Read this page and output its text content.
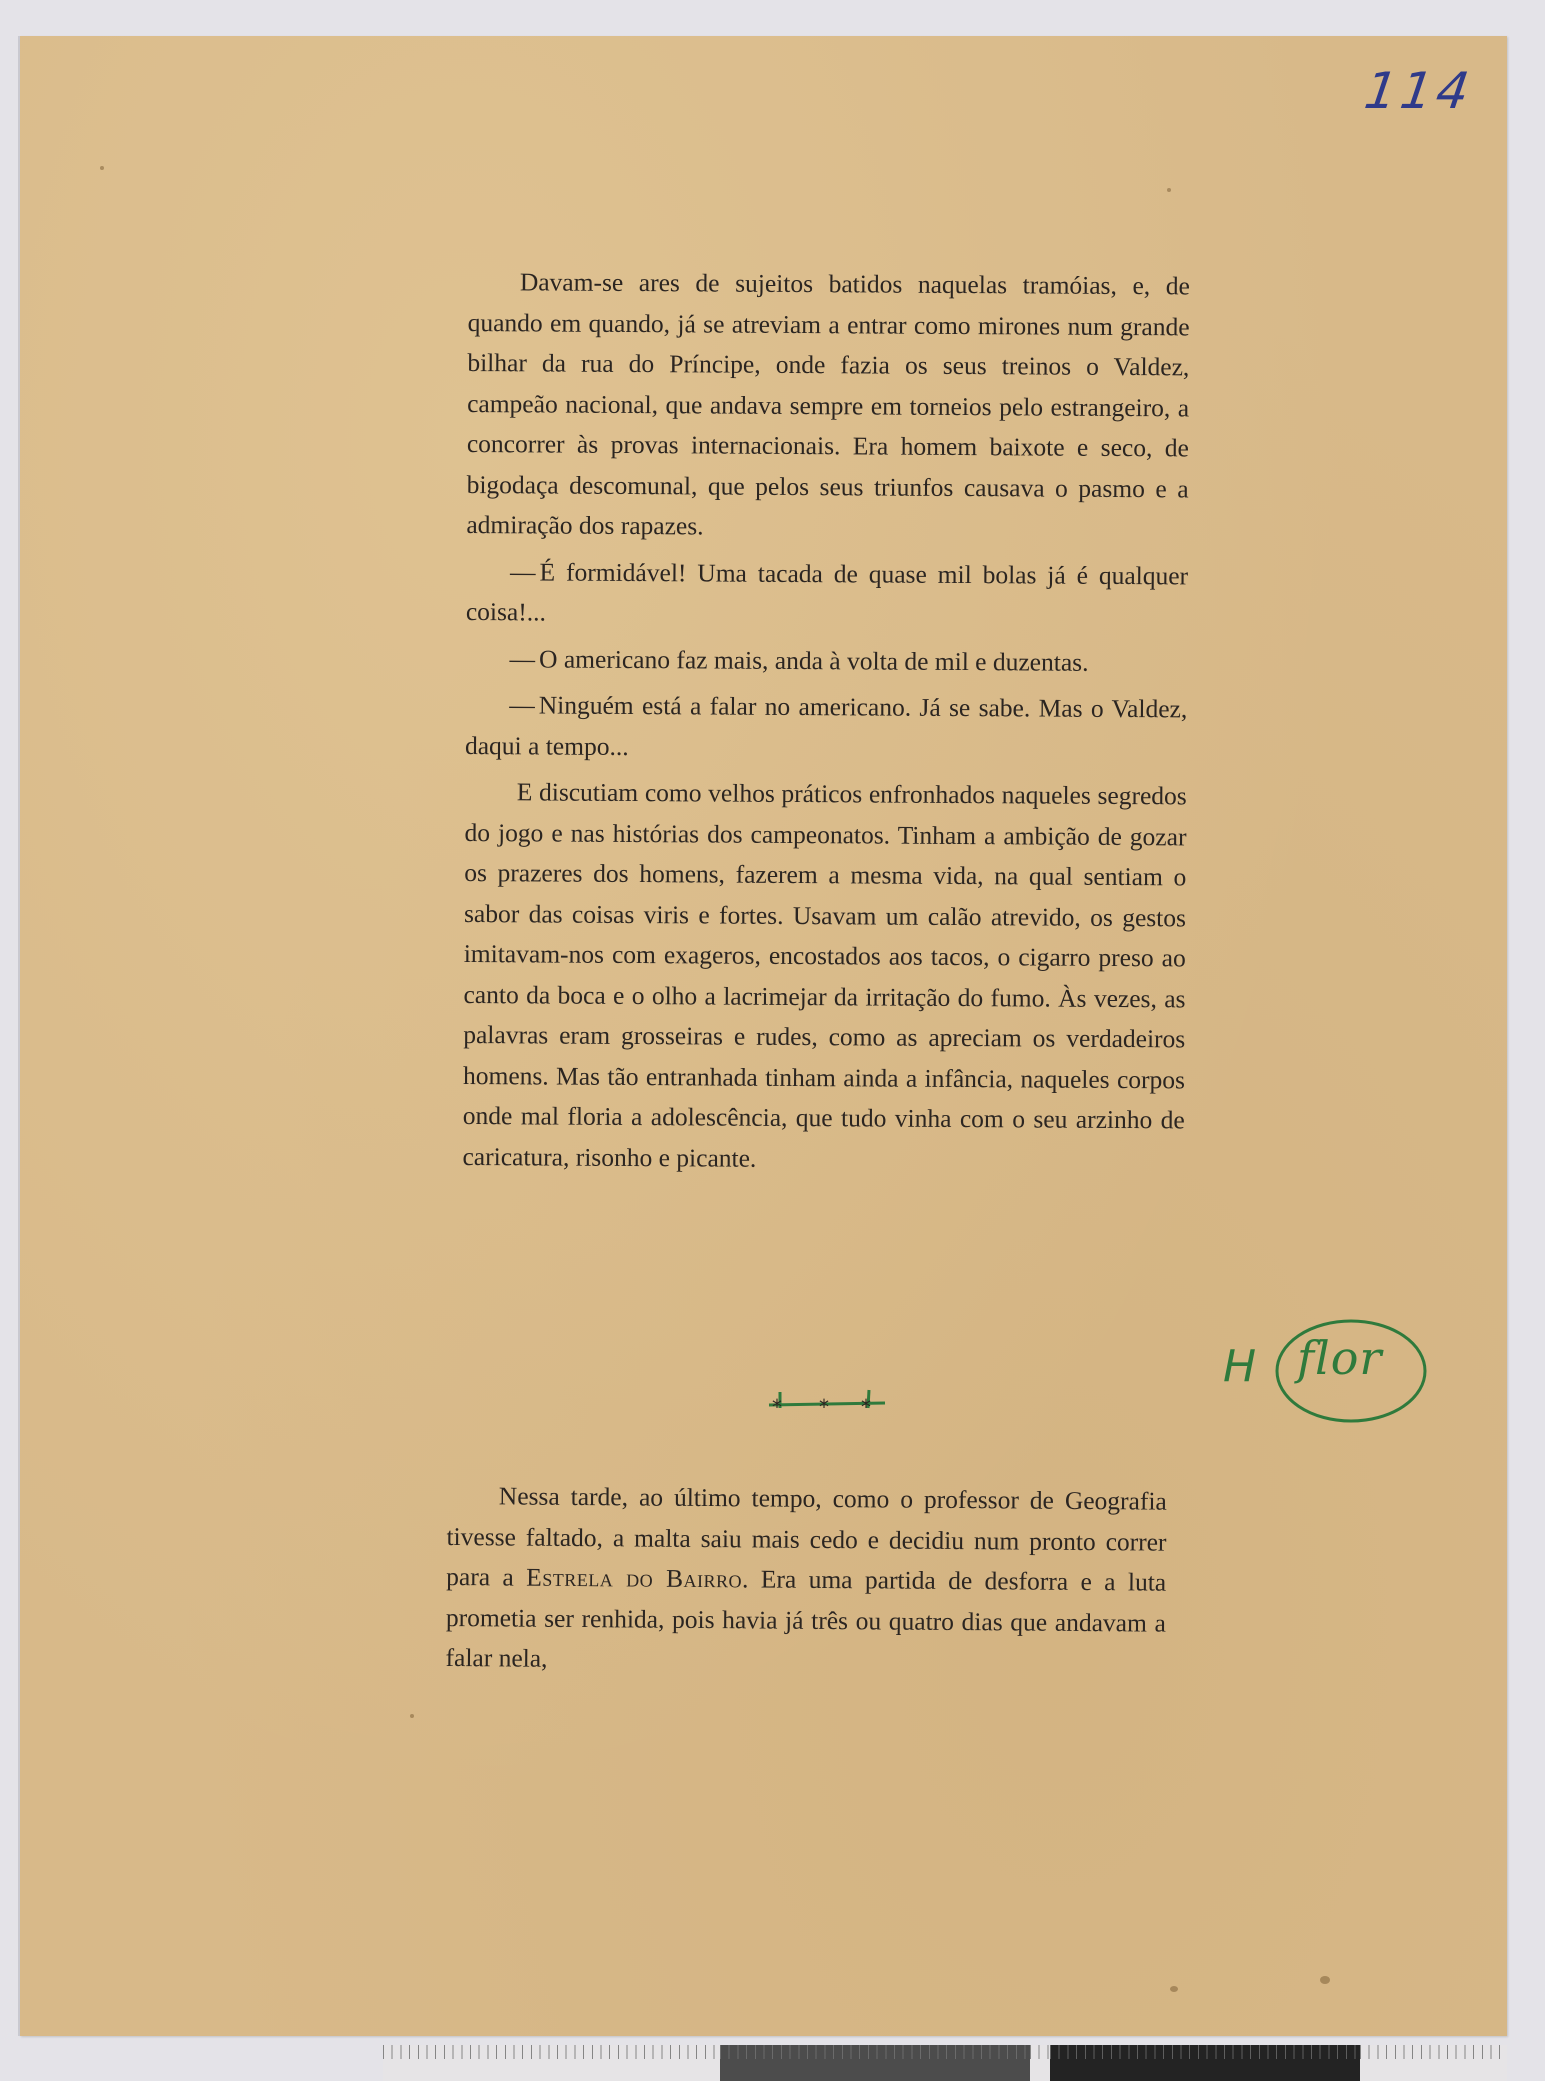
114

Davam-se ares de sujeitos batidos naquelas tramóias, e, de quando em quando, já se atreviam a entrar como mirones num grande bilhar da rua do Príncipe, onde fazia os seus treinos o Valdez, campeão nacional, que andava sempre em torneios pelo estrangeiro, a concorrer às provas internacionais. Era homem baixote e seco, de bigodaça descomunal, que pelos seus triunfos causava o pasmo e a admiração dos rapazes.

— É formidável! Uma tacada de quase mil bolas já é qualquer coisa!...

— O americano faz mais, anda à volta de mil e duzentas.

— Ninguém está a falar no americano. Já se sabe. Mas o Valdez, daqui a tempo...

E discutiam como velhos práticos enfronhados naqueles segredos do jogo e nas histórias dos campeonatos. Tinham a ambição de gozar os prazeres dos homens, fazerem a mesma vida, na qual sentiam o sabor das coisas viris e fortes. Usavam um calão atrevido, os gestos imitavam-nos com exageros, encostados aos tacos, o cigarro preso ao canto da boca e o olho a lacrimejar da irritação do fumo. Às vezes, as palavras eram grosseiras e rudes, como as apreciam os verdadeiros homens. Mas tão entranhada tinham ainda a infância, naqueles corpos onde mal floria a adolescência, que tudo vinha com o seu arzinho de caricatura, risonho e picante.

* * *
H flor

Nessa tarde, ao último tempo, como o professor de Geografia tivesse faltado, a malta saiu mais cedo e decidiu num pronto correr para a Estrela do Bairro. Era uma partida de desforra e a luta prometia ser renhida, pois havia já três ou quatro dias que andavam a falar nela,
